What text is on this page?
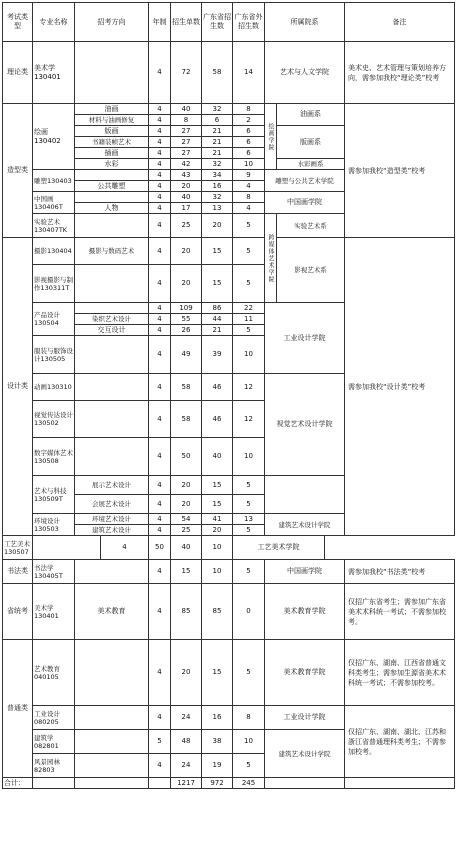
考试类型	专业名称	招考方向		年制	招生单数	广东省招生数	广东省外招生数	所属院系		备注
理论类	美术学130401			4	72	58	14	艺术与人文学院		美术史、艺术管理与策划培养方向，需参加我校“理论类”校考
造型类	绘画130402	油画		4	40	32	8	绘画学院	油画系	需参加我校“造型类”校考
		材料与油画修复		4	8	6	2			
		版画		4	27	21	6		版画系	
		书籍装帧艺术		4	27	21	6			
		插画		4	27	21	6			
		水彩		4	42	32	10		水彩画系	
	雕塑130403			4	43	34	9	雕塑与公共艺术学院		
		公共雕塑		4	20	16	4			
	中国画130406T			4	40	32	8	中国画学院		
		人物		4	17	13	4			
	实验艺术130407TK			4	25	20	5	跨媒体艺术学院	实验艺术系	
设计类	摄影130404	摄影与数码艺术		4	20	15	5		影视艺术系	需参加我校“设计类”校考
	影视摄影与制作130311T			4	20	15	5			
	产品设计130504			4	109	86	22	工业设计学院		
		染织艺术设计		4	55	44	11			
		交互设计		4	26	21	5			
	服装与服饰设计130505			4	49	39	10			
	动画130310			4	58	46	12	视觉艺术设计学院		
	视觉传达设计130502			4	58	46	12			
	数字媒体艺术130508			4	50	40	10			
	艺术与科技130509T	展示艺术设计		4	20	15	5			
		会展艺术设计		4	20	15	5			
	环境设计130503	环境艺术设计		4	54	41	13	建筑艺术设计学院		
		建筑艺术设计		4	25	20	5			
工艺美术130507			4	50	40	10	工艺美术学院			
书法类	书法学130405T			4	15	10	5	中国画学院		需参加我校“书法类”校考
省统考	美术学130401	美术教育		4	85	85	0	美术教育学院		仅招广东省考生；需参加广东省美术术科统一考试；不需参加校考。
普通类	艺术教育040105			4	20	15	5	美术教育学院		仅招广东、湖南、江西省普通文科类考生；需参加生源省美术术科统一考试；不需参加校考。
	工业设计080205			4	24	16	8	工业设计学院		仅招广东、湖南、湖北、江苏和浙江省普通理科类考生；不需参加校考。
	建筑学082801			5	48	38	10	建筑艺术设计学院		
	风景园林82803			4	24	19	5			
合计：					1217	972	245			
